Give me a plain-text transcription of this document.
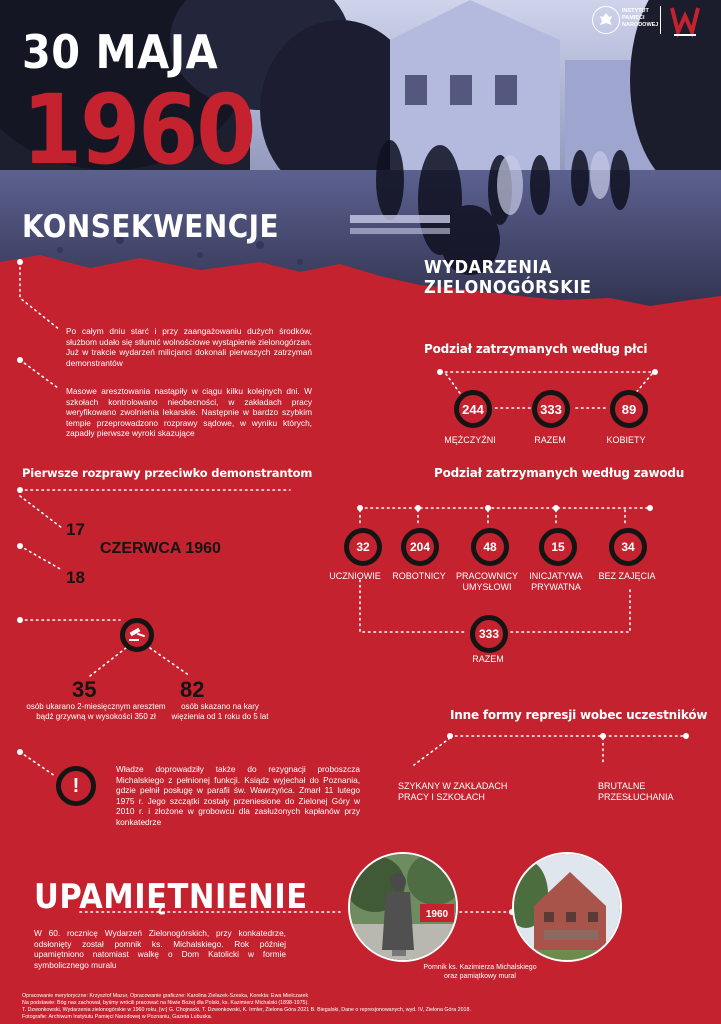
INSTYTUT
PAMIĘCI
NARODOWEJ
30 MAJA
1960
KONSEKWENCJE
WYDARZENIA ZIELONOGÓRSKIE
Po całym dniu starć i przy zaangażowaniu dużych środków, służbom udało się stłumić wolnościowe wystąpienie zielonogórzan. Już w trakcie wydarzeń milicjanci dokonali pierwszych zatrzymań demonstrantów
Masowe aresztowania nastąpiły w ciągu kilku kolejnych dni. W szkołach kontrolowano nieobecności, w zakładach pracy weryfikowano zwolnienia lekarskie. Następnie w bardzo szybkim tempie przeprowadzono rozprawy sądowe, w wyniku których, zapadły pierwsze wyroki skazujące
Pierwsze rozprawy przeciwko demonstrantom
17
CZERWCA 1960
18
35
osób ukarano 2-miesięcznym aresztem bądź grzywną w wysokości 350 zł
82
osób skazano na kary więzienia od 1 roku do 5 lat
!
Władze doprowadziły także do rezygnacji proboszcza Michalskiego z pełnionej funkcji. Ksiądz wyjechał do Poznania, gdzie pełnił posługę w parafii św. Wawrzyńca. Zmarł 11 lutego 1975 r. Jego szczątki zostały przeniesione do Zielonej Góry w 2010 r. i złożone w grobowcu dla zasłużonych kapłanów przy konkatedrze
Podział zatrzymanych według płci
244
MĘŻCZYŹNI
333
RAZEM
89
KOBIETY
Podział zatrzymanych według zawodu
32
UCZNIOWIE
204
ROBOTNICY
48
PRACOWNICY UMYSŁOWI
15
INICJATYWA PRYWATNA
34
BEZ ZAJĘCIA
333
RAZEM
Inne formy represji wobec uczestników
SZYKANY W ZAKŁADACH PRACY I SZKOŁACH
BRUTALNE PRZESŁUCHANIA
UPAMIĘTNIENIE
W 60. rocznicę Wydarzeń Zielonogórskich, przy konkatedrze, odsłonięty został pomnik ks. Michalskiego. Rok później upamiętniono natomiast walkę o Dom Katolicki w formie symbolicznego muralu
1960
Pomnik ks. Kazimierza Michalskiego oraz pamiątkowy mural
Opracowanie merytoryczne: Krzysztof Mazur, Opracowanie graficzne: Karolina Zielazek-Szeska, Korekta: Ewa Mielczarek
Na podstawie: Bóg nas zachował, byśmy wrócili pracować na Niwie Bożej dla Polski, ks. Kazimierz Michalski (1898-1975).
T. Dzwonkowski, Wydarzenia zielonogórskie w 1960 roku, [w:] G. Chojnacki, T. Dzwonkowski, K. Irmler, Zielona Góra 2021 B. Biegalski, Dane o represjonowanych, wyd. IV, Zielona Góra 2018.
Fotografie: Archiwum Instytutu Pamięci Narodowej w Poznaniu, Gazeta Lubuska.
